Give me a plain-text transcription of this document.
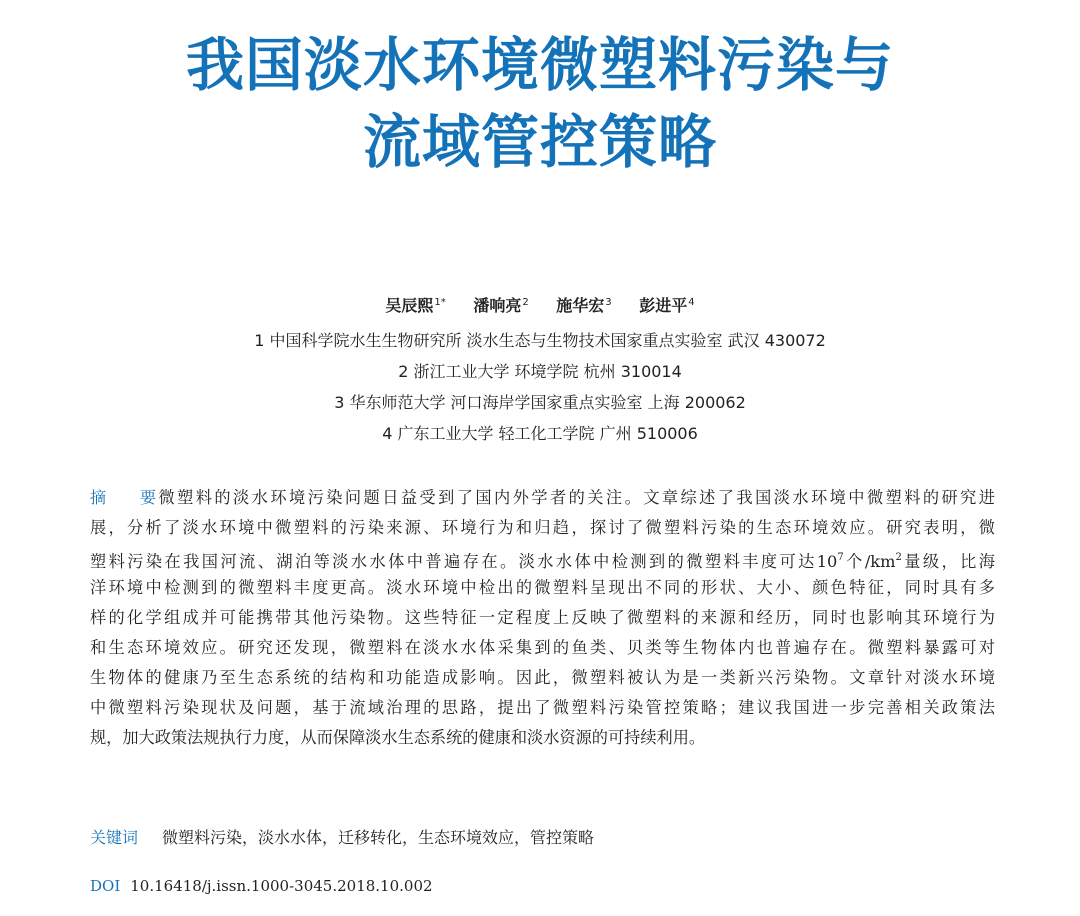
我国淡水环境微塑料污染与
流域管控策略
吴辰熙$^{1*}$ 潘响亮$^2$ 施华宏$^3$ 彭进平$^4$
1 中国科学院水生生物研究所 淡水生态与生物技术国家重点实验室 武汉 430072
2 浙江工业大学 环境学院 杭州 310014
3 华东师范大学 河口海岸学国家重点实验室 上海 200062
4 广东工业大学 轻工化工学院 广州 510006
摘要微塑料的淡水环境污染问题日益受到了国内外学者的关注。文章综述了我国淡水环境中微塑料的研究进
展，分析了淡水环境中微塑料的污染来源、环境行为和归趋，探讨了微塑料污染的生态环境效应。研究表明，微
塑料污染在我国河流、湖泊等淡水水体中普遍存在。淡水水体中检测到的微塑料丰度可达$10^7$个$/km^2$量级，比海
洋环境中检测到的微塑料丰度更高。淡水环境中检出的微塑料呈现出不同的形状、大小、颜色特征，同时具有多
样的化学组成并可能携带其他污染物。这些特征一定程度上反映了微塑料的来源和经历，同时也影响其环境行为
和生态环境效应。研究还发现，微塑料在淡水水体采集到的鱼类、贝类等生物体内也普遍存在。微塑料暴露可对
生物体的健康乃至生态系统的结构和功能造成影响。因此，微塑料被认为是一类新兴污染物。文章针对淡水环境
中微塑料污染现状及问题，基于流域治理的思路，提出了微塑料污染管控策略；建议我国进一步完善相关政策法
规，加大政策法规执行力度，从而保障淡水生态系统的健康和淡水资源的可持续利用。
关键词 微塑料污染，淡水水体，迁移转化，生态环境效应，管控策略
DOI 10.16418/j.issn.1000-3045.2018.10.002
